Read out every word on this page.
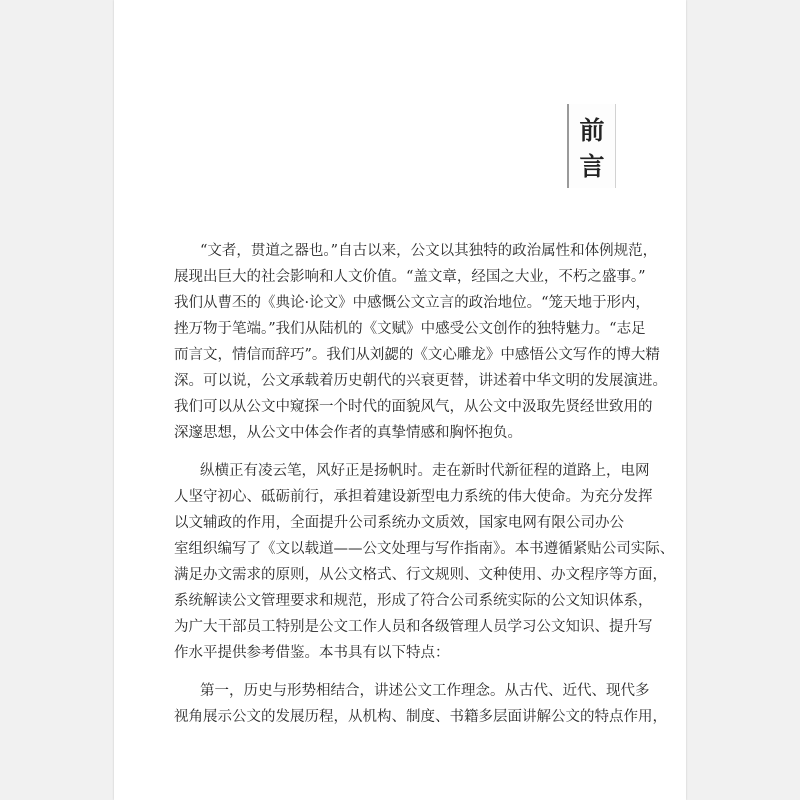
前
言
“文者，贯道之器也。”自古以来，公文以其独特的政治属性和体例规范，
展现出巨大的社会影响和人文价值。“盖文章，经国之大业，不朽之盛事。”
我们从曹丕的《典论·论文》中感慨公文立言的政治地位。“笼天地于形内，
挫万物于笔端。”我们从陆机的《文赋》中感受公文创作的独特魅力。“志足
而言文，情信而辞巧”。我们从刘勰的《文心雕龙》中感悟公文写作的博大精
深。可以说，公文承载着历史朝代的兴衰更替，讲述着中华文明的发展演进。
我们可以从公文中窥探一个时代的面貌风气，从公文中汲取先贤经世致用的
深邃思想，从公文中体会作者的真挚情感和胸怀抱负。
纵横正有凌云笔，风好正是扬帆时。走在新时代新征程的道路上，电网
人坚守初心、砥砺前行，承担着建设新型电力系统的伟大使命。为充分发挥
以文辅政的作用，全面提升公司系统办文质效，国家电网有限公司办公
室组织编写了《文以载道——公文处理与写作指南》。本书遵循紧贴公司实际、
满足办文需求的原则，从公文格式、行文规则、文种使用、办文程序等方面，
系统解读公文管理要求和规范，形成了符合公司系统实际的公文知识体系，
为广大干部员工特别是公文工作人员和各级管理人员学习公文知识、提升写
作水平提供参考借鉴。本书具有以下特点：
第一，历史与形势相结合，讲述公文工作理念。从古代、近代、现代多
视角展示公文的发展历程，从机构、制度、书籍多层面讲解公文的特点作用，
